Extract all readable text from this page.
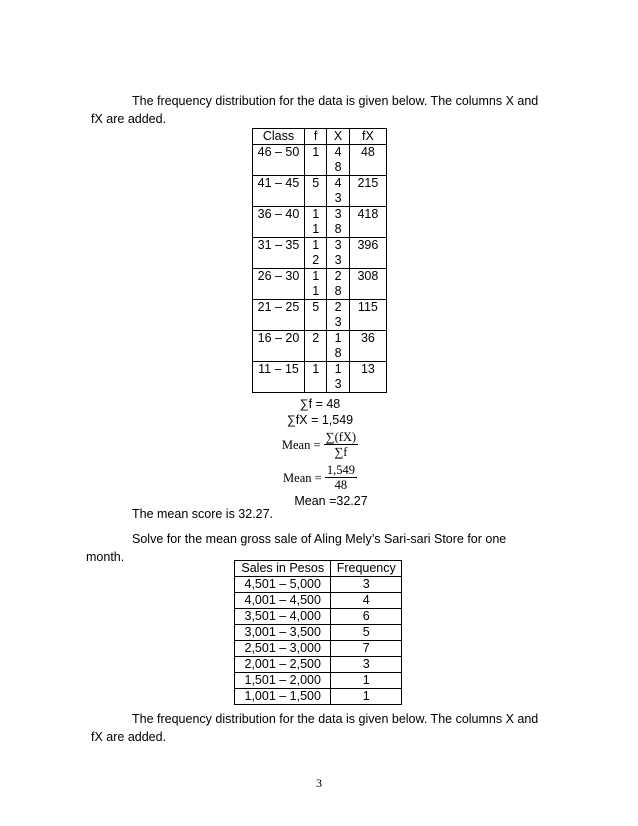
The frequency distribution for the data is given below. The columns X and
fX are added.
Class	f	X	fX
46 – 50	1	48	48
41 – 45	5	43	215
36 – 40	11	38	418
31 – 35	12	33	396
26 – 30	11	28	308
21 – 25	5	23	115
16 – 20	2	18	36
11 – 15	1	13	13
∑f = 48
∑fX = 1,549
Mean = $\frac{\sum(fX)}{\sum f}$
Mean = $\frac{1,549}{48}$
Mean =32.27
The mean score is 32.27.
Solve for the mean gross sale of Aling Mely’s Sari-sari Store for one
month.
Sales in Pesos	Frequency
4,501 – 5,000	3
4,001 – 4,500	4
3,501 – 4,000	6
3,001 – 3,500	5
2,501 – 3,000	7
2,001 – 2,500	3
1,501 – 2,000	1
1,001 – 1,500	1
The frequency distribution for the data is given below. The columns X and
fX are added.
3
